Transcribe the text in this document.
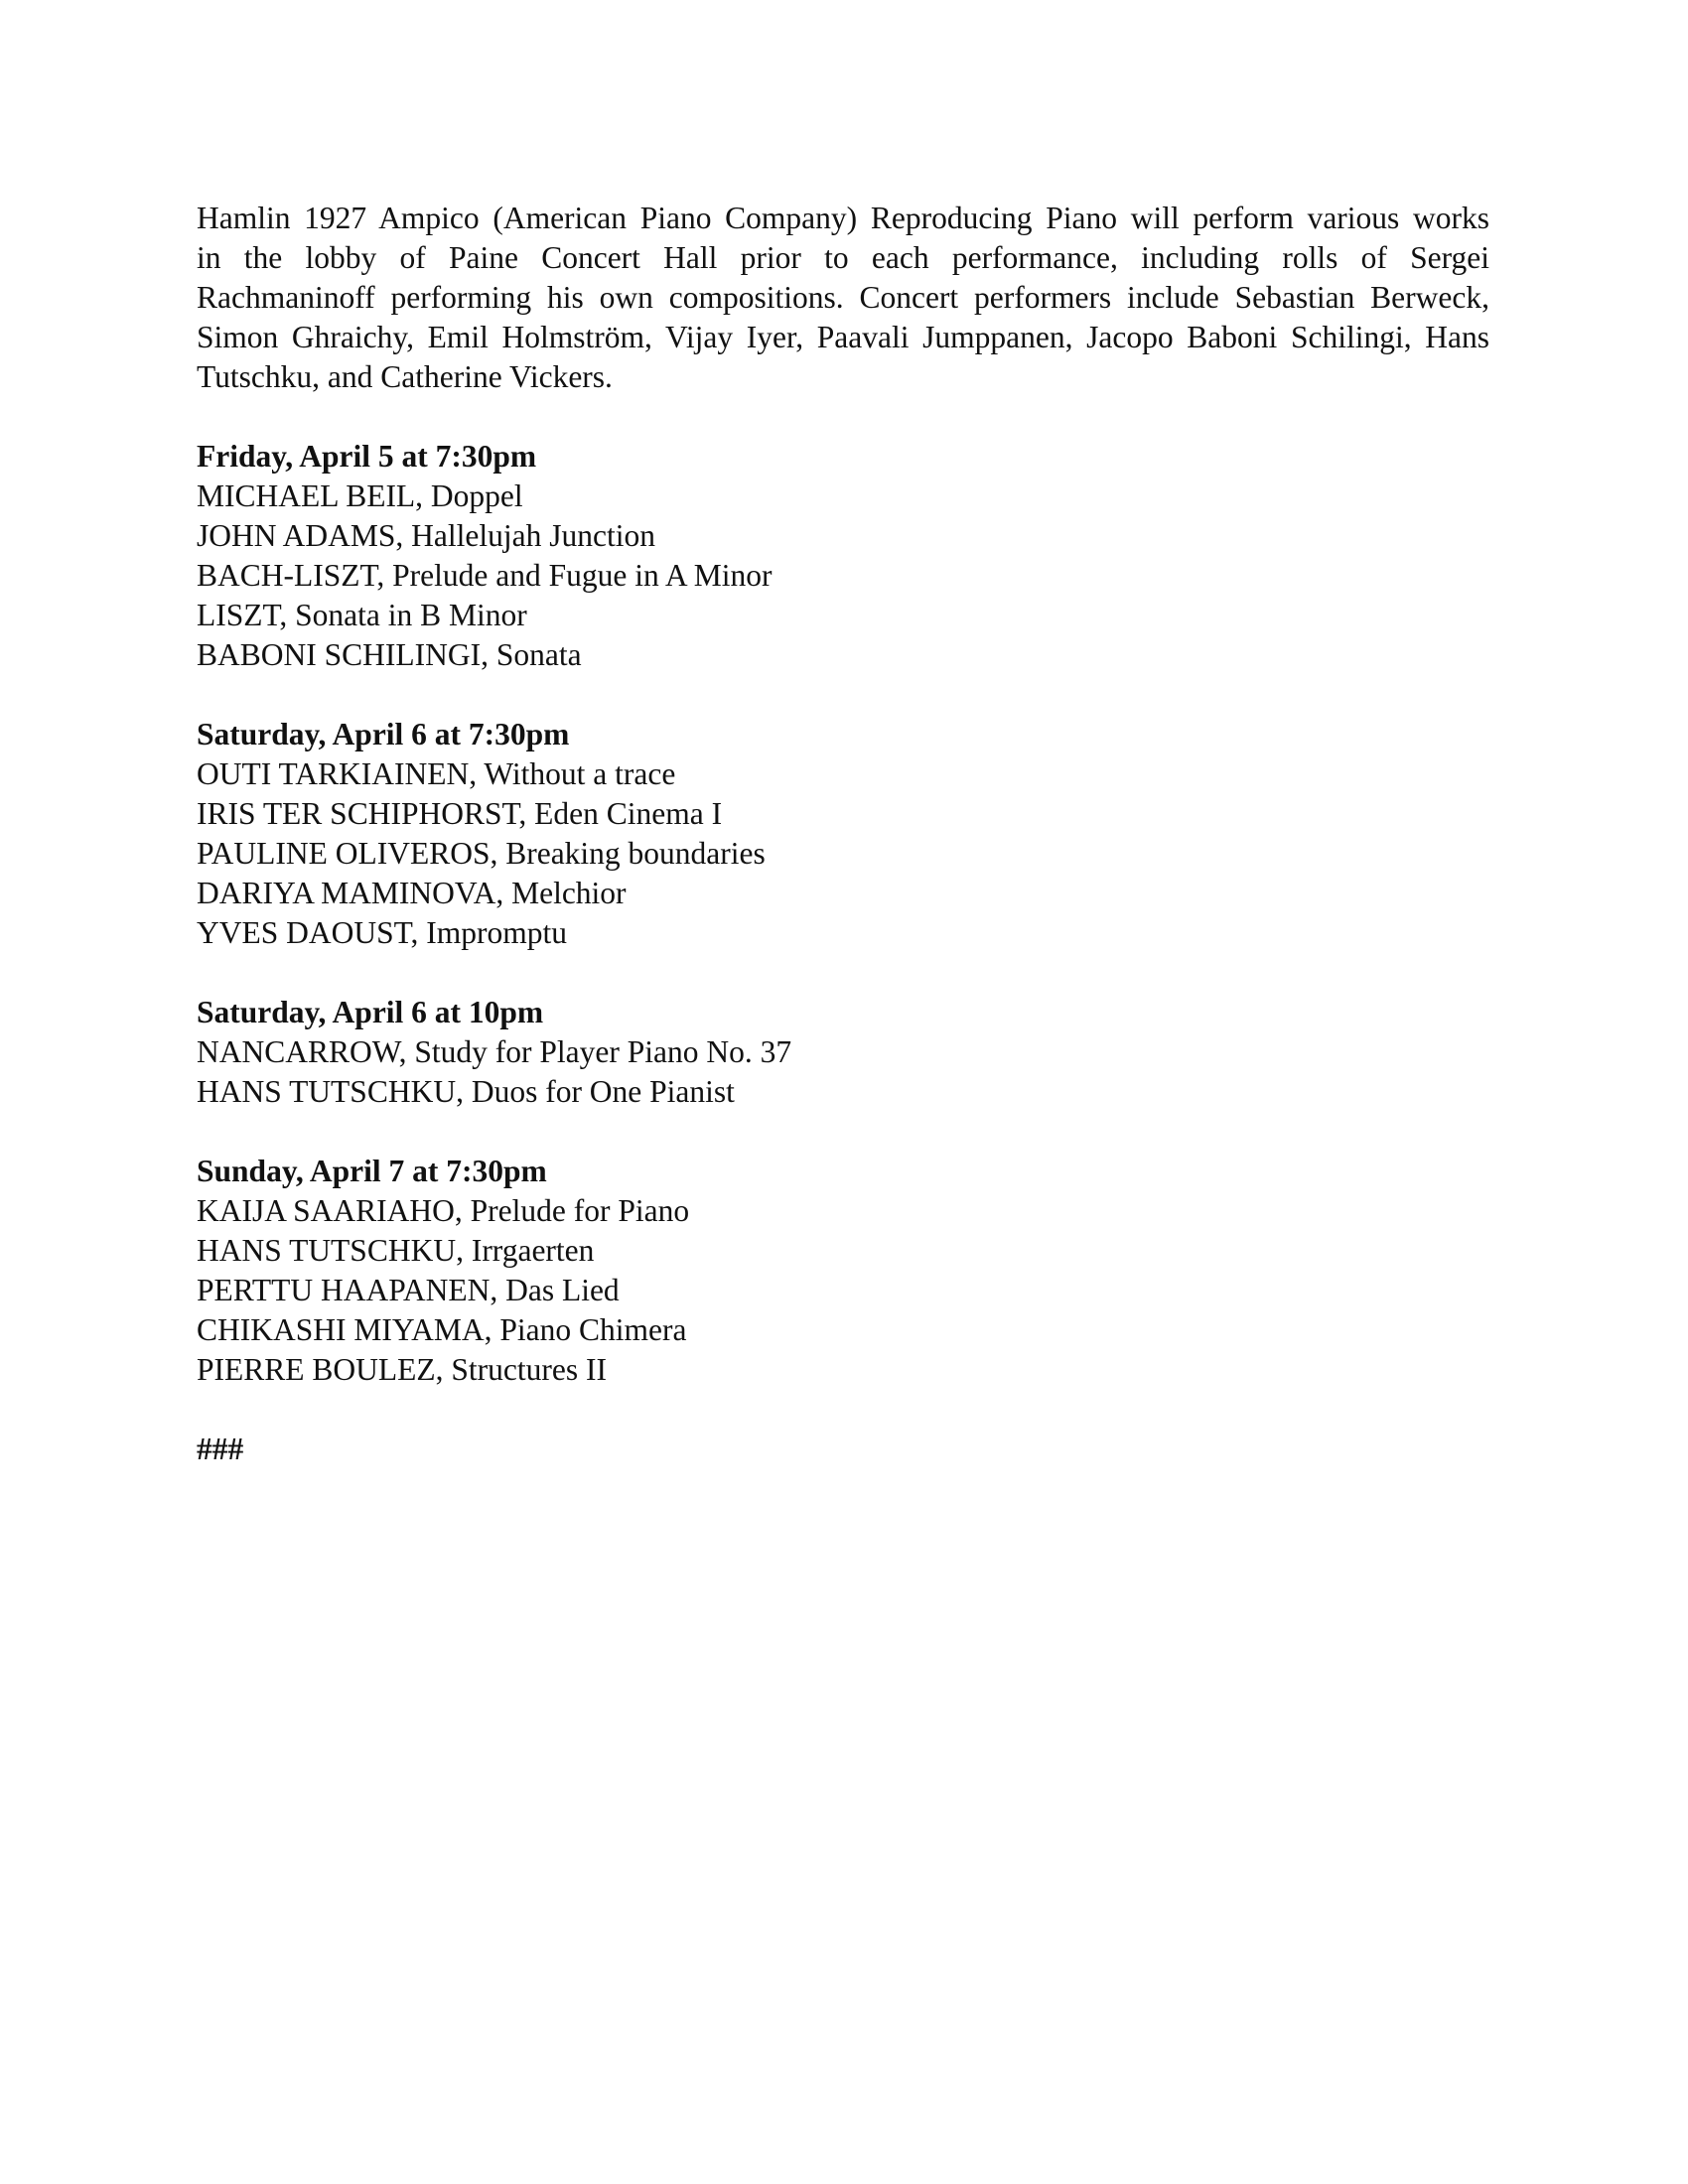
Hamlin 1927 Ampico (American Piano Company) Reproducing Piano will perform various works
in the lobby of Paine Concert Hall prior to each performance, including rolls of Sergei
Rachmaninoff performing his own compositions. Concert performers include Sebastian Berweck,
Simon Ghraichy, Emil Holmström, Vijay Iyer, Paavali Jumppanen, Jacopo Baboni Schilingi, Hans
Tutschku, and Catherine Vickers.

Friday, April 5 at 7:30pm

MICHAEL BEIL, Doppel
JOHN ADAMS, Hallelujah Junction
BACH-LISZT, Prelude and Fugue in A Minor
LISZT, Sonata in B Minor
BABONI SCHILINGI, Sonata

Saturday, April 6 at 7:30pm

OUTI TARKIAINEN, Without a trace
IRIS TER SCHIPHORST, Eden Cinema I
PAULINE OLIVEROS, Breaking boundaries
DARIYA MAMINOVA, Melchior
YVES DAOUST, Impromptu

Saturday, April 6 at 10pm

NANCARROW, Study for Player Piano No. 37
HANS TUTSCHKU, Duos for One Pianist

Sunday, April 7 at 7:30pm

KAIJA SAARIAHO, Prelude for Piano
HANS TUTSCHKU, Irrgaerten
PERTTU HAAPANEN, Das Lied
CHIKASHI MIYAMA, Piano Chimera
PIERRE BOULEZ, Structures II
###
